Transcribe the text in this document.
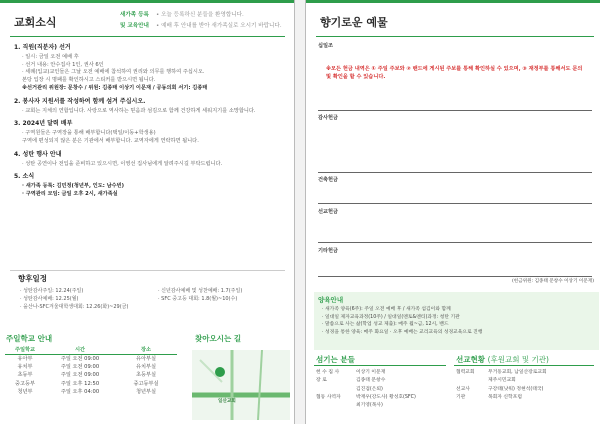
교회소식
새가족 등록	• 오늘 등록하신 분들을 환영합니다.
및 교육안내	• 예배 후 안내를 받아 새가족실로 오시기 바랍니다.
1. 직원(직분자) 선거
· 일시: 금일 오전 예배 후
· 선거 내용: 안수집사 1인, 권사 6인
· 세례(입교)교인들은 그날 오전 예배에 참석하여 권리와 의무를 행하여 주십시오.
본당 입장 시 명패를 확인하시고 스티커를 받으시면 됩니다.
※선거관리 위원장: 문창수 / 위원: 김종태 이상기 이문재 / 공동의회 서기: 김종태
2. 봉사자 지원서를 작성하여 함께 섬겨 주십시오.
· 교회는 지체의 연합입니다. 사랑으로 역사하는 믿음과 섬김으로 함께 건강하게 세워지기를 소망합니다.
3. 2024년 달력 배부
· 구역원들은 구역장을 통해 배부합니다(택일/이동+학생용)
구역에 편성되지 않은 분은 기관에서 배부합니다. 교역자에게 연락하면 됩니다.
4. 성탄 행사 안내
· 성탄 공연이나 전입을 준비하고 있으시면, 이영선 집사님에게 알려주시길 부탁드립니다.
5. 소식
· 새가족 등록: 김민정(청년부, 인도: 남수빈)
· 구역관리 모임: 금일 오후 2시, 새가족실
향후일정
· 성탄감사주일: 12.24(주일)
· 성탄감사예배: 12.25(월)
· 을산나-SFC겨울대학생대회: 12.26(화)~29(금)
· 신년감사예배 및 성찬예배: 1.7(주일)
· SFC 중고등 대회: 1.8(월)~10(수)
주일학교 안내
주일학교	시간	장소
유아부	주일 오전 09:00	유아부실
유치부	주일 오전 09:00	유치부실
초등부	주일 오전 09:00	초등부실
중고등부	주일 오후 12:50	중고등부실
청년부	주일 오후 04:00	청년부실
찾아오시는 길
일산교회
향기로운 예물
십일조
※모든 헌금 내역은 ① 주일 주보와 ② 밴드에 게시된 주보를 통해 확인하실 수 있으며, ③ 재정부를 통해서도 문의 및 확인을 할 수 있습니다.
감사헌금
건축헌금
선교헌금
기타헌금
(헌금위원: 김종태 문창수 이상기 이문재)
양육안내
· 새가족 양육(6주): 주일 오전 예배 후 / 새가족 섬김이와 함께
· 일대일 제자교육과정(10주) / 일대일(멘토&멘티)과정: 청탄 기관
· 말씀으로 사는 삶(학업 성교 제출): 매주 월~금, 12시, 밴드
· 성경을 통한 양육: 매주 화요일 · 오후 예배는 교리교육의 성경교육으로 진행
섬기는 분들
헌 수 집 사	이상기 이문재
장 로	김종태 문창수
김진겸(은퇴)
협동 사역자	박재우(강도사) 황성호(SFC)
최기영(목사)
선교현황 (후원교회 및 기관)
협력교회	무거동교회, 남일산장로교회
제주시민교회
선교사	구강태(낫워) 정현석(태국)
기관	목회자 신학포럼
